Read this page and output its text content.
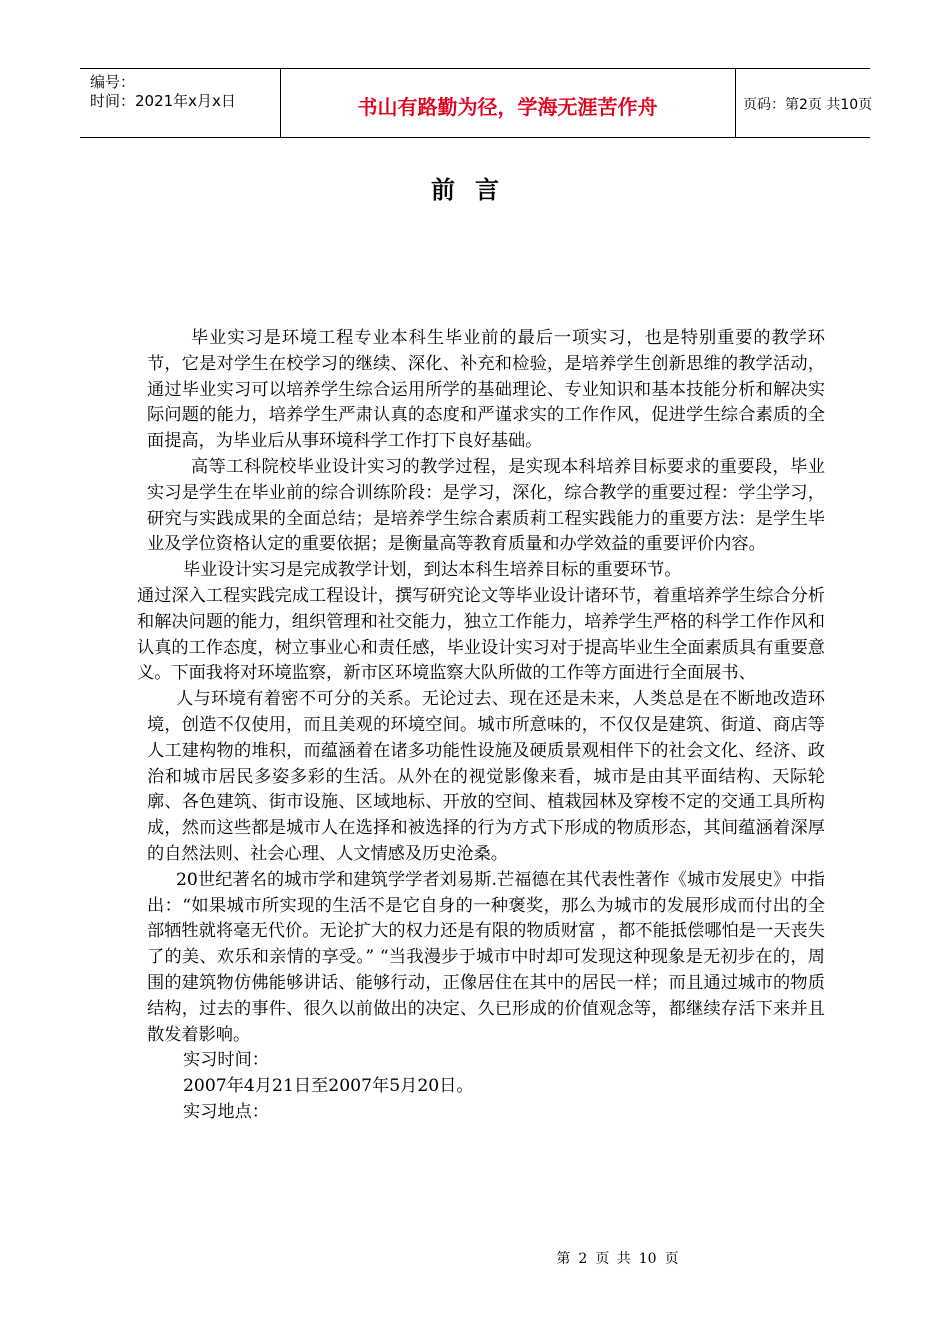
编号：
时间：2021年x月x日	书山有路勤为径，学海无涯苦作舟	页码：第2页 共10页
前言

毕业实习是环境工程专业本科生毕业前的最后一项实习，也是特别重要的教学环节，它是对学生在校学习的继续、深化、补充和检验，是培养学生创新思维的教学活动，通过毕业实习可以培养学生综合运用所学的基础理论、专业知识和基本技能分析和解决实际问题的能力，培养学生严肃认真的态度和严谨求实的工作作风，促进学生综合素质的全面提高，为毕业后从事环境科学工作打下良好基础。

高等工科院校毕业设计实习的教学过程，是实现本科培养目标要求的重要段，毕业实习是学生在毕业前的综合训练阶段：是学习，深化，综合教学的重要过程：学尘学习，研究与实践成果的全面总结；是培养学生综合素质莉工程实践能力的重要方法：是学生毕业及学位资格认定的重要依据；是衡量高等教育质量和办学效益的重要评价内容。

毕业设计实习是完成教学计划，到达本科生培养目标的重要环节。

通过深入工程实践完成工程设计，撰写研究论文等毕业设计诸环节，着重培养学生综合分析和解决问题的能力，组织管理和社交能力，独立工作能力，培养学生严格的科学工作作风和认真的工作态度，树立事业心和责任感，毕业设计实习对于提高毕业生全面素质具有重要意义。下面我将对环境监察，新市区环境监察大队所做的工作等方面进行全面展书、

人与环境有着密不可分的关系。无论过去、现在还是未来，人类总是在不断地改造环境，创造不仅使用，而且美观的环境空间。城市所意味的，不仅仅是建筑、街道、商店等人工建构物的堆积，而蕴涵着在诸多功能性设施及硬质景观相伴下的社会文化、经济、政治和城市居民多姿多彩的生活。从外在的视觉影像来看，城市是由其平面结构、天际轮廓、各色建筑、街市设施、区域地标、开放的空间、植栽园林及穿梭不定的交通工具所构成，然而这些都是城市人在选择和被选择的行为方式下形成的物质形态，其间蕴涵着深厚的自然法则、社会心理、人文情感及历史沧桑。

20世纪著名的城市学和建筑学学者刘易斯.芒福德在其代表性著作《城市发展史》中指出：“如果城市所实现的生活不是它自身的一种褒奖，那么为城市的发展形成而付出的全部牺牲就将毫无代价。无论扩大的权力还是有限的物质财富 ，都不能抵偿哪怕是一天丧失了的美、欢乐和亲情的享受。” “当我漫步于城市中时却可发现这种现象是无初步在的，周围的建筑物仿佛能够讲话、能够行动，正像居住在其中的居民一样；而且通过城市的物质结构，过去的事件、很久以前做出的决定、久已形成的价值观念等，都继续存活下来并且散发着影响。

实习时间：

2007年4月21日至2007年5月20日。

实习地点：

第 2 页 共 10 页
